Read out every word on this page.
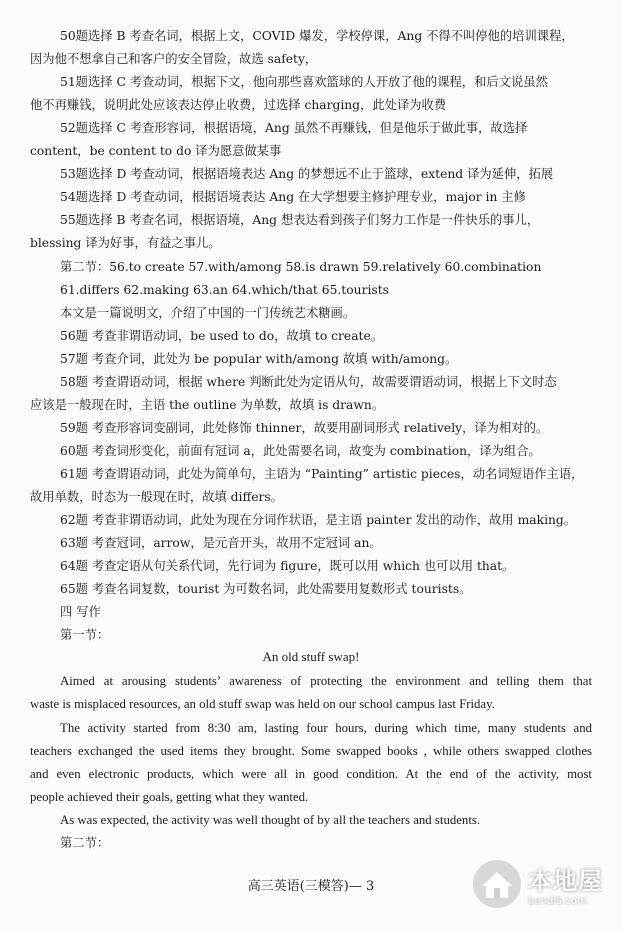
50题选择 B 考查名词，根据上文，COVID 爆发，学校停课，Ang 不得不叫停他的培训课程，
因为他不想拿自己和客户的安全冒险，故选 safety，
51题选择 C 考查动词，根据下文，他向那些喜欢篮球的人开放了他的课程，和后文说虽然
他不再赚钱，说明此处应该表达停止收费，过选择 charging，此处译为收费
52题选择 C 考查形容词，根据语境，Ang 虽然不再赚钱，但是他乐于做此事，故选择
content，be content to do 译为愿意做某事
53题选择 D 考查动词，根据语境表达 Ang 的梦想远不止于篮球，extend 译为延伸，拓展
54题选择 D 考查动词，根据语境表达 Ang 在大学想要主修护理专业，major in 主修
55题选择 B 考查名词，根据语境，Ang 想表达看到孩子们努力工作是一件快乐的事儿，
blessing 译为好事，有益之事儿。
第二节：56.to create 57.with/among 58.is drawn 59.relatively 60.combination
61.differs 62.making 63.an 64.which/that 65.tourists
本文是一篇说明文，介绍了中国的一门传统艺术糖画。
56题 考查非谓语动词，be used to do，故填 to create。
57题 考查介词，此处为 be popular with/among 故填 with/among。
58题 考查谓语动词，根据 where 判断此处为定语从句，故需要谓语动词，根据上下文时态
应该是一般现在时，主语 the outline 为单数，故填 is drawn。
59题 考查形容词变副词，此处修饰 thinner，故要用副词形式 relatively，译为相对的。
60题 考查词形变化，前面有冠词 a，此处需要名词，故变为 combination，译为组合。
61题 考查谓语动词，此处为简单句，主语为 “Painting” artistic pieces，动名词短语作主语，
故用单数，时态为一般现在时，故填 differs。
62题 考查非谓语动词，此处为现在分词作状语，是主语 painter 发出的动作，故用 making。
63题 考查冠词，arrow，是元音开头，故用不定冠词 an。
64题 考查定语从句关系代词，先行词为 figure，既可以用 which 也可以用 that。
65题 考查名词复数，tourist 为可数名词，此处需要用复数形式 tourists。
四 写作
第一节：
An old stuff swap!
Aimed at arousing students’ awareness of protecting the environment and telling them that
waste is misplaced resources, an old stuff swap was held on our school campus last Friday.
The activity started from 8:30 am, lasting four hours, during which time, many students and
teachers exchanged the used items they brought. Some swapped books , while others swapped clothes
and even electronic products, which were all in good condition. At the end of the activity, most
people achieved their goals, getting what they wanted.
As was expected, the activity was well thought of by all the teachers and students.
第二节：
高三英语(三模答)— 3	本地屋
bendi5.com
